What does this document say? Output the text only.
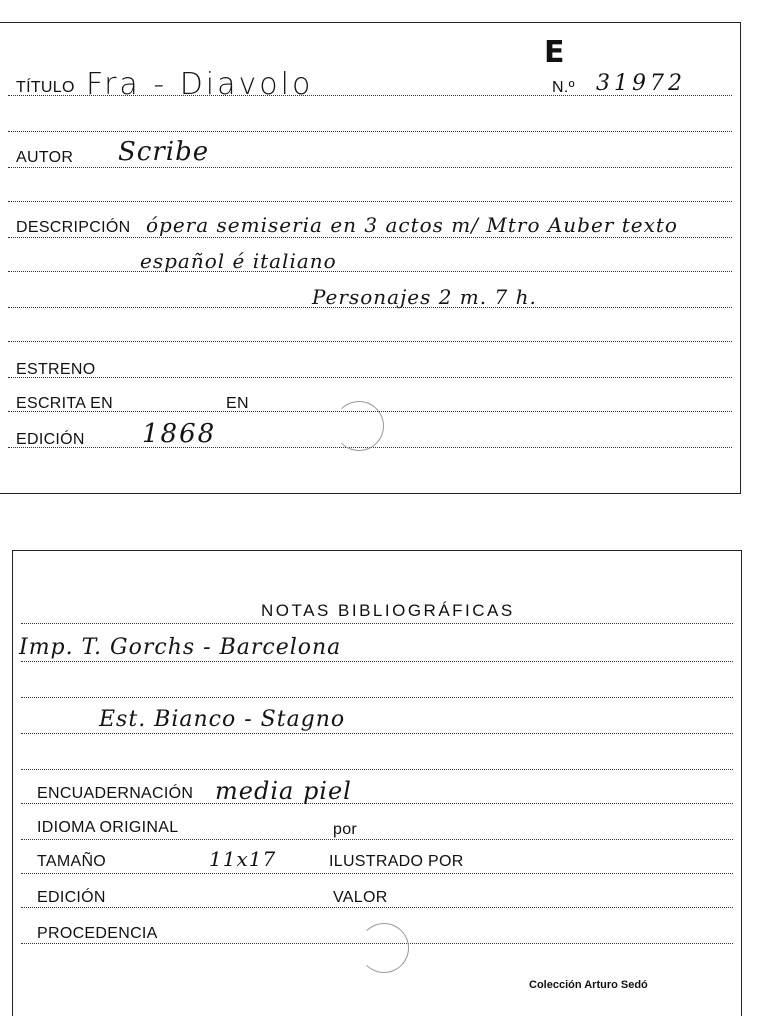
E
TÍTULO Fra - Diavolo	N.º 31972
AUTOR Scribe
DESCRIPCIÓN ópera semiseria en 3 actos m/ Mtro Auber texto
español é italiano
Personajes 2 m. 7 h.
ESTRENO
ESCRITA EN	EN
EDICIÓN 1868
NOTAS BIBLIOGRÁFICAS
Imp. T. Gorchs - Barcelona
Est. Bianco - Stagno
ENCUADERNACIÓN media piel
IDIOMA ORIGINAL	por
TAMAÑO	11x17	ILUSTRADO POR
EDICIÓN	VALOR
PROCEDENCIA
Colección Arturo Sedó
